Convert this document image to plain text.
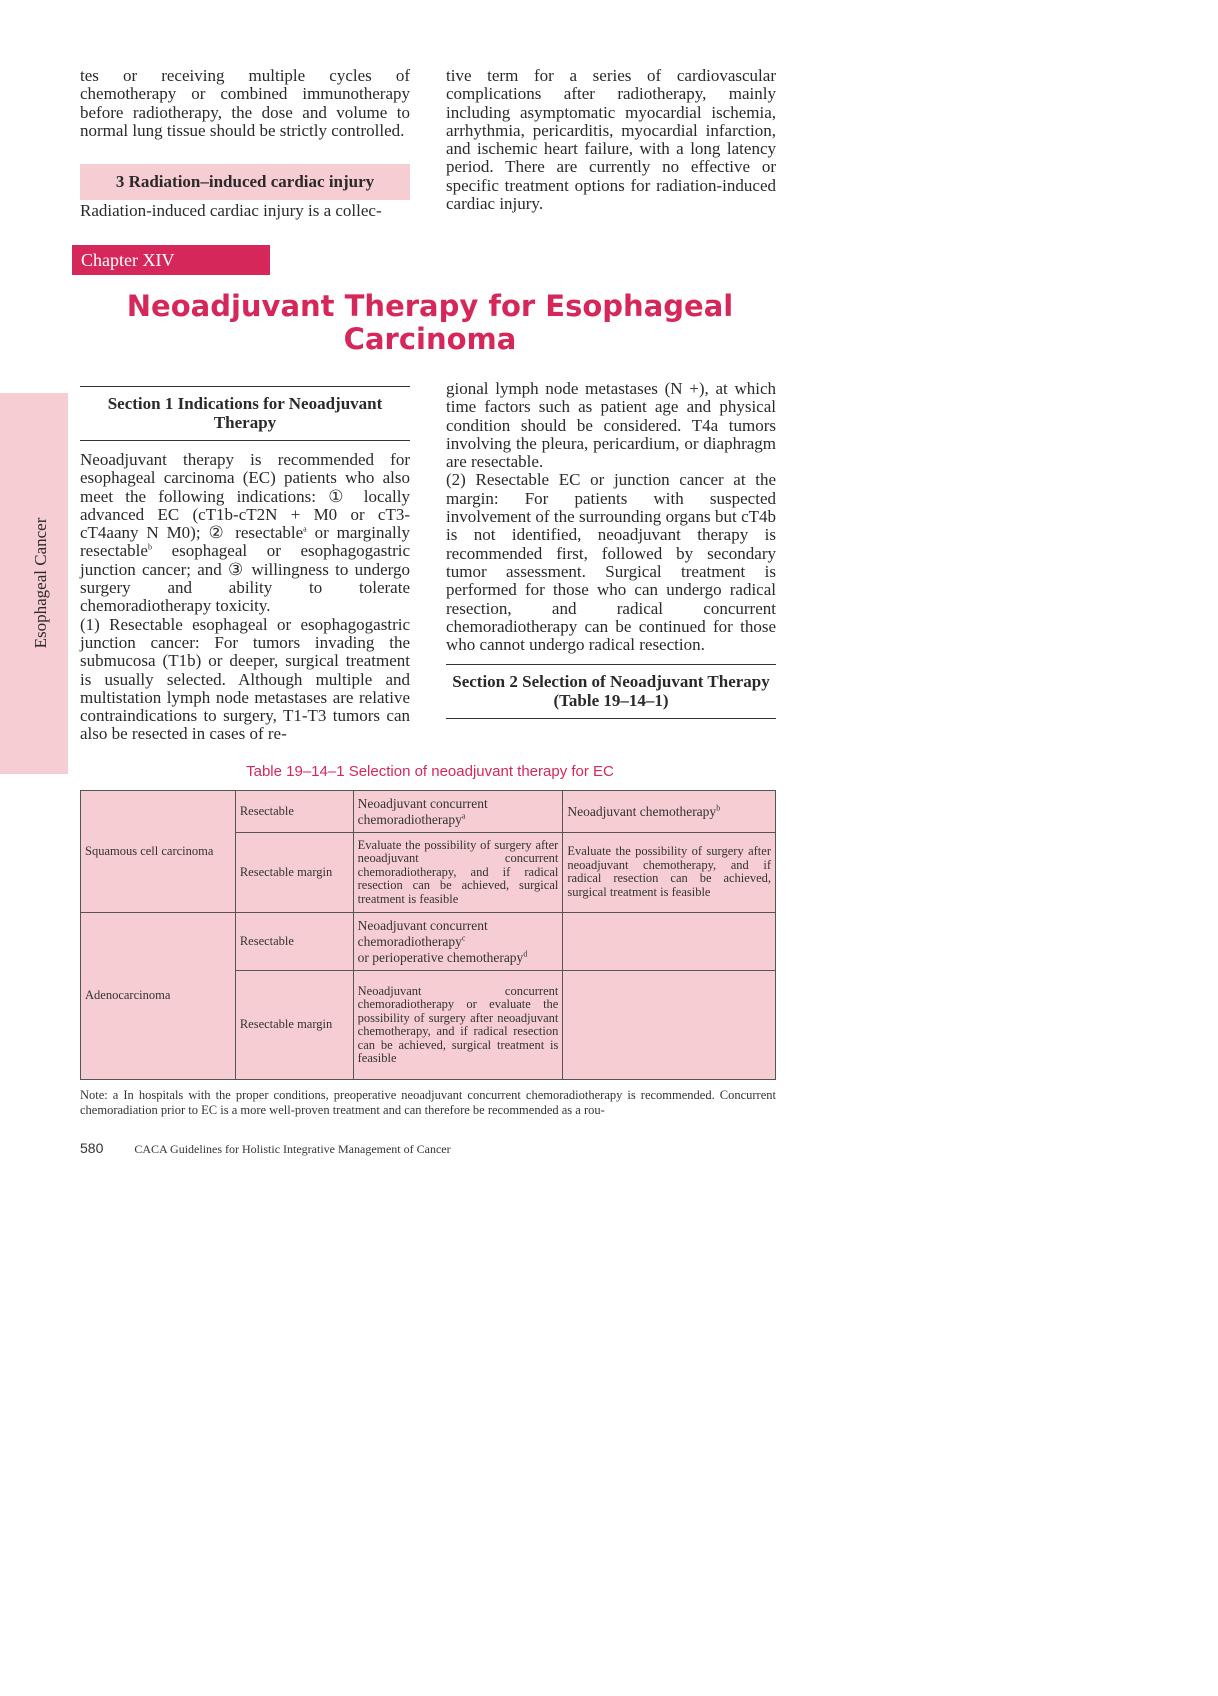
Esophageal Cancer

tes or receiving multiple cycles of chemotherapy or combined immunotherapy before radiotherapy, the dose and volume to normal lung tissue should be strictly controlled.

3 Radiation–induced cardiac injury

Radiation-induced cardiac injury is a collec-

tive term for a series of cardiovascular complications after radiotherapy, mainly including asymptomatic myocardial ischemia, arrhythmia, pericarditis, myocardial infarction, and ischemic heart failure, with a long latency period. There are currently no effective or specific treatment options for radiation-induced cardiac injury.

Chapter XIV
Neoadjuvant Therapy for Esophageal Carcinoma
Section 1 Indications for Neoadjuvant Therapy

Neoadjuvant therapy is recommended for esophageal carcinoma (EC) patients who also meet the following indications: ① locally advanced EC (cT1b-cT2N + M0 or cT3-cT4aany N M0); ② resectable$^a$ or marginally resectable$^b$ esophageal or esophagogastric junction cancer; and ③ willingness to undergo surgery and ability to tolerate chemoradiotherapy toxicity.

(1) Resectable esophageal or esophagogastric junction cancer: For tumors invading the submucosa (T1b) or deeper, surgical treatment is usually selected. Although multiple and multistation lymph node metastases are relative contraindications to surgery, T1-T3 tumors can also be resected in cases of re-

gional lymph node metastases (N +), at which time factors such as patient age and physical condition should be considered. T4a tumors involving the pleura, pericardium, or diaphragm are resectable.

(2) Resectable EC or junction cancer at the margin: For patients with suspected involvement of the surrounding organs but cT4b is not identified, neoadjuvant therapy is recommended first, followed by secondary tumor assessment. Surgical treatment is performed for those who can undergo radical resection, and radical concurrent chemoradiotherapy can be continued for those who cannot undergo radical resection.

Section 2 Selection of Neoadjuvant Therapy (Table 19–14–1)
Table 19–14–1 Selection of neoadjuvant therapy for EC
Squamous cell carcinoma	Resectable	Neoadjuvant concurrent chemoradiotherapy$^a$	Neoadjuvant chemotherapy$^b$
	Resectable margin	Evaluate the possibility of surgery after neoadjuvant concurrent chemoradiotherapy, and if radical resection can be achieved, surgical treatment is feasible	Evaluate the possibility of surgery after neoadjuvant chemotherapy, and if radical resection can be achieved, surgical treatment is feasible
Adenocarcinoma	Resectable	Neoadjuvant concurrent chemoradiotherapy$^c$
or perioperative chemotherapy$^d$	
	Resectable margin	Neoadjuvant concurrent chemoradiotherapy or evaluate the possibility of surgery after neoadjuvant chemotherapy, and if radical resection can be achieved, surgical treatment is feasible	
Note: a In hospitals with the proper conditions, preoperative neoadjuvant concurrent chemoradiotherapy is recommended. Concurrent chemoradiation prior to EC is a more well-proven treatment and can therefore be recommended as a rou-
580	CACA Guidelines for Holistic Integrative Management of Cancer
